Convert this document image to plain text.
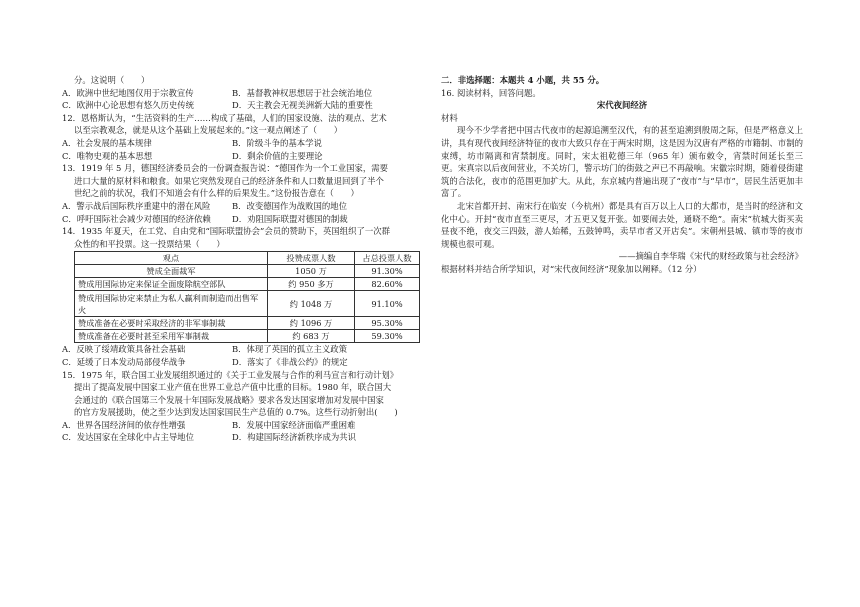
分。这说明（　　）
A．欧洲中世纪地图仅用于宗教宣传	B．基督教神权思想居于社会统治地位
C．欧洲中心论思想有悠久历史传统	D．天主教会无视美洲新大陆的重要性
12．恩格斯认为，“生活资料的生产……构成了基础，人们的国家设施、法的观点、艺术
以至宗教观念，就是从这个基础上发展起来的。”这一观点阐述了（　　）
A．社会发展的基本规律	B．阶级斗争的基本学说
C．唯物史观的基本思想	D．剩余价值的主要理论
13．1919 年 5 月，德国经济委员会的一份调查报告说：“德国作为一个工业国家，需要
进口大量的原材料和粮食。如果它突然发现自己的经济条件和人口数量退回到了半个
世纪之前的状况，我们不知道会有什么样的后果发生。”这份报告意在（　　）
A．警示战后国际秩序重建中的潜在风险	B．改变德国作为战败国的地位
C．呼吁国际社会减少对德国的经济依赖	D．劝阻国际联盟对德国的制裁
14．1935 年夏天，在工党、自由党和“国际联盟协会”会员的赞助下，英国组织了一次群
众性的和平投票。这一投票结果（　　）
观点	投赞成票人数	占总投票人数
赞成全面裁军	1050 万	91.30%
赞成用国际协定来保证全面废除航空部队	约 950 多万	82.60%
赞成用国际协定来禁止为私人赢利而制造而出售军火	约 1048 万	91.10%
赞成准备在必要时采取经济的非军事制裁	约 1096 万	95.30%
赞成准备在必要时甚至采用军事制裁	约 683 万	59.30%
A．反映了绥靖政策具备社会基础	B．体现了英国的孤立主义政策
C．延缓了日本发动局部侵华战争	D．落实了《非战公约》的规定
15．1975 年，联合国工业发展组织通过的《关于工业发展与合作的利马宣言和行动计划》
提出了提高发展中国家工业产值在世界工业总产值中比重的目标。1980 年，联合国大
会通过的《联合国第三个发展十年国际发展战略》要求各发达国家增加对发展中国家
的官方发展援助，使之至少达到发达国家国民生产总值的 0.7%。这些行动折射出(　　)
A．世界各国经济间的依存性增强	B．发展中国家经济面临严重困难
C．发达国家在全球化中占主导地位	D．构建国际经济新秩序成为共识
二．非选择题：本题共 4 小题，共 55 分。
16. 阅读材料，回答问题。
宋代夜间经济
材料
现今不少学者把中国古代夜市的起源追溯至汉代，有的甚至追溯到殷周之际，但是严格意义上讲，具有现代夜间经济特征的夜市大致只存在于两宋时期，这是因为汉唐有严格的市籍制、市制的束缚，坊市隔离和宵禁制度。同时，宋太祖乾德三年（965 年）颁布敕令，宵禁时间延长至三更。宋真宗以后夜间营业，不关坊门，警示坊门的街鼓之声已不再敲响。宋徽宗时期，随着侵街建筑的合法化，夜市的范围更加扩大。从此，东京城内普遍出现了“夜市”与“早市”，居民生活更加丰富了。
北宋首都开封、南宋行在临安（今杭州）都是具有百万以上人口的大都市，是当时的经济和文化中心。开封“夜市直至三更尽，才五更又复开张。如要闹去处，通晓不绝”。南宋“杭城大街买卖昼夜不绝，夜交三四鼓，游人始稀，五鼓钟鸣，卖早市者又开店矣”。宋朝州县城、镇市等的夜市规模也很可观。
——摘编自李华瑞《宋代的财经政策与社会经济》
根据材料并结合所学知识，对“宋代夜间经济”现象加以阐释。（12 分）
